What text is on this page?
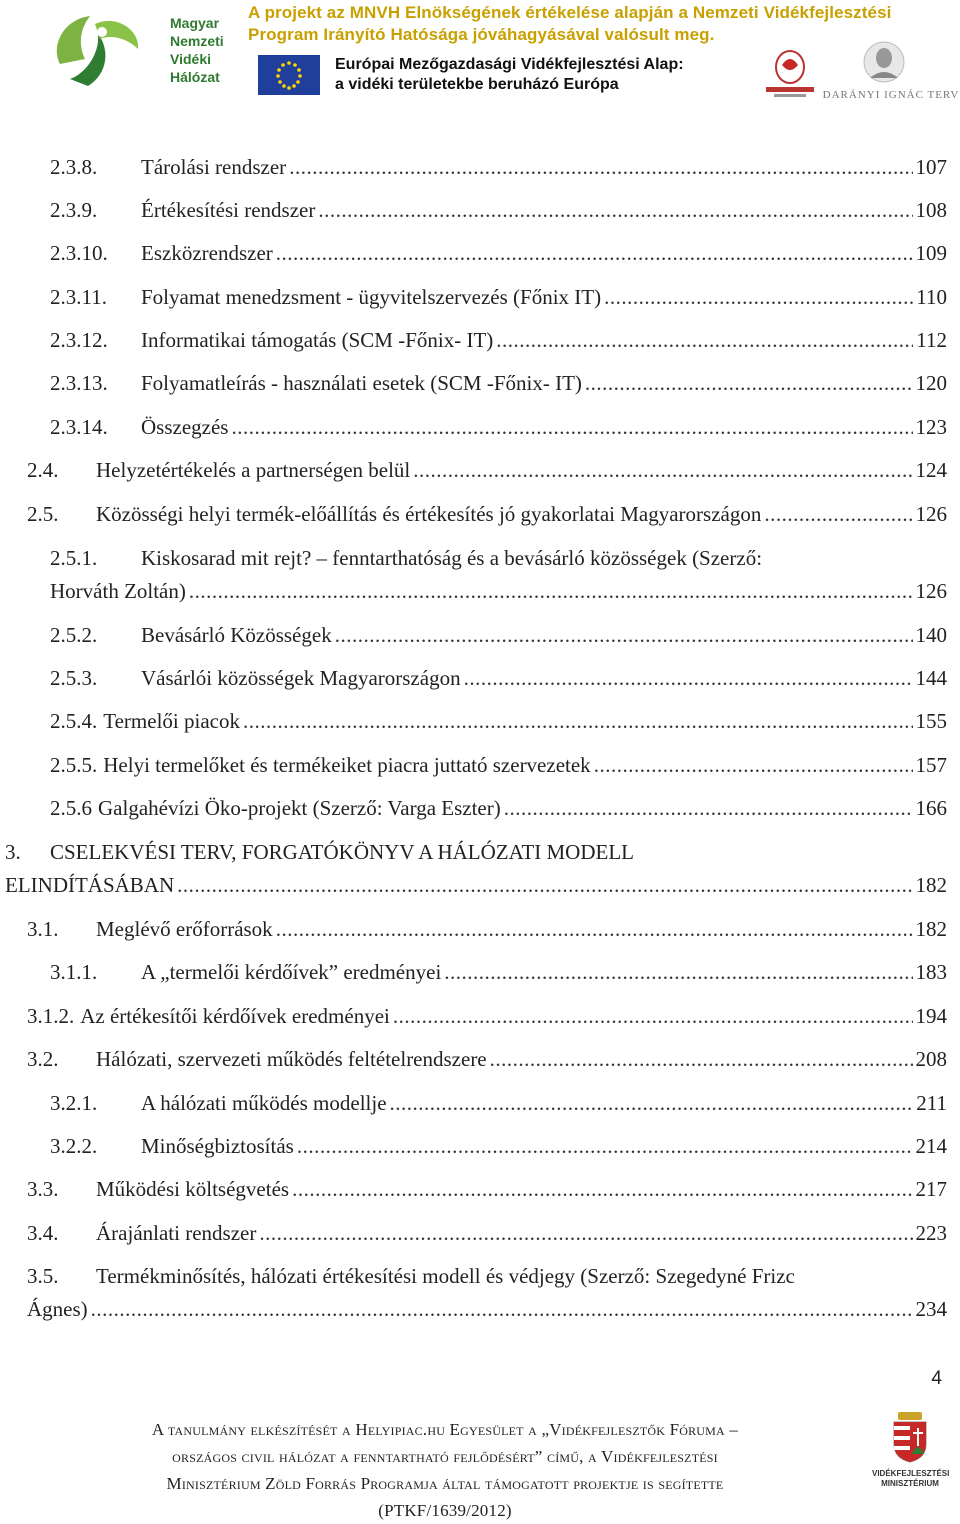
Magyar
Nemzeti
Vidéki
Hálózat
A projekt az MNVH Elnökségének értékelése alapján a Nemzeti Vidékfejlesztési
Program Irányító Hatósága jóváhagyásával valósult meg.
Európai Mezőgazdasági Vidékfejlesztési Alap:
a vidéki területekbe beruházó Európa
DARÁNYI IGNÁC TERV
2.3.8. Tárolási rendszer .....	107
2.3.9. Értékesítési rendszer .....	108
2.3.10. Eszközrendszer .....	109
2.3.11. Folyamat menedzsment - ügyvitelszervezés (Főnix IT) .....	110
2.3.12. Informatikai támogatás (SCM -Főnix- IT) .....	112
2.3.13. Folyamatleírás - használati esetek (SCM -Főnix- IT) .....	120
2.3.14. Összegzés .....	123
2.4. Helyzetértékelés a partnerségen belül .....	124
2.5. Közösségi helyi termék-előállítás és értékesítés jó gyakorlatai Magyarországon .....	126
2.5.1. Kiskosarad mit rejt? – fenntarthatóság és a bevásárló közösségek (Szerző:
Horváth Zoltán) .....	126
2.5.2. Bevásárló Közösségek .....	140
2.5.3. Vásárlói közösségek Magyarországon .....	144
2.5.4. Termelői piacok .....	155
2.5.5. Helyi termelőket és termékeiket piacra juttató szervezetek .....	157
2.5.6 Galgahévízi Öko-projekt (Szerző: Varga Eszter) .....	166
3. CSELEKVÉSI TERV, FORGATÓKÖNYV A HÁLÓZATI MODELL
ELINDÍTÁSÁBAN .....	182
3.1. Meglévő erőforrások .....	182
3.1.1. A „termelői kérdőívek” eredményei .....	183
3.1.2. Az értékesítői kérdőívek eredményei .....	194
3.2. Hálózati, szervezeti működés feltételrendszere .....	208
3.2.1. A hálózati működés modellje .....	211
3.2.2. Minőségbiztosítás .....	214
3.3. Működési költségvetés .....	217
3.4. Árajánlati rendszer .....	223
3.5. Termékminősítés, hálózati értékesítési modell és védjegy (Szerző: Szegedyné Frizc
Ágnes) .....	234
4
A tanulmány elkészítését a Helyipiac.hu Egyesület a „Vidékfejlesztők Fóruma –
országos civil hálózat a fenntartható fejlődésért” című, a Vidékfejlesztési
Minisztérium Zöld Forrás Programja által támogatott projektje is segítette
(PTKF/1639/2012)
VIDÉKFEJLESZTÉSI MINISZTÉRIUM
